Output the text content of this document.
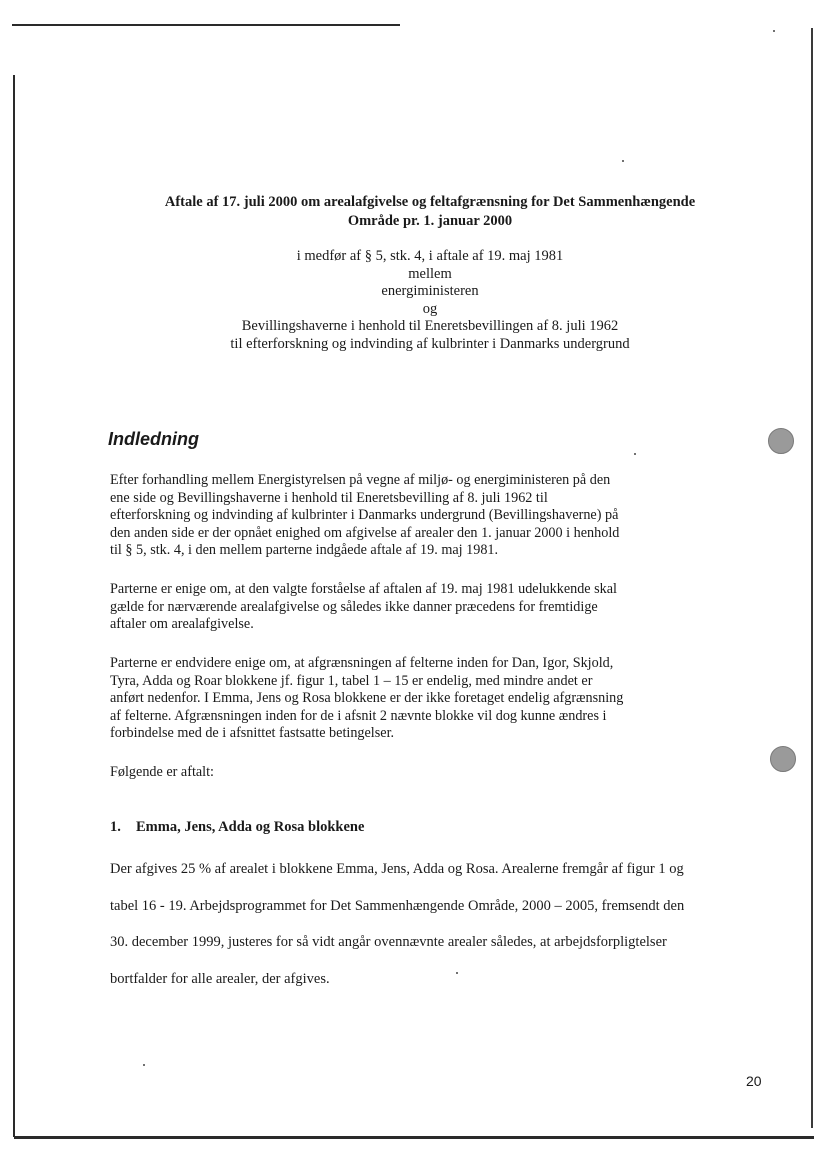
Aftale af 17. juli 2000 om arealafgivelse og feltafgrænsning for Det Sammenhængende
Område pr. 1. januar 2000
i medfør af § 5, stk. 4, i aftale af 19. maj 1981
mellem
energiministeren
og
Bevillingshaverne i henhold til Eneretsbevillingen af 8. juli 1962
til efterforskning og indvinding af kulbrinter i Danmarks undergrund
Indledning
Efter forhandling mellem Energistyrelsen på vegne af miljø- og energiministeren på den
ene side og Bevillingshaverne i henhold til Eneretsbevilling af 8. juli 1962 til
efterforskning og indvinding af kulbrinter i Danmarks undergrund (Bevillingshaverne) på
den anden side er der opnået enighed om afgivelse af arealer den 1. januar 2000 i henhold
til § 5, stk. 4, i den mellem parterne indgåede aftale af 19. maj 1981.
Parterne er enige om, at den valgte forståelse af aftalen af 19. maj 1981 udelukkende skal
gælde for nærværende arealafgivelse og således ikke danner præcedens for fremtidige
aftaler om arealafgivelse.
Parterne er endvidere enige om, at afgrænsningen af felterne inden for Dan, Igor, Skjold,
Tyra, Adda og Roar blokkene jf. figur 1, tabel 1 – 15 er endelig, med mindre andet er
anført nedenfor. I Emma, Jens og Rosa blokkene er der ikke foretaget endelig afgrænsning
af felterne. Afgrænsningen inden for de i afsnit 2 nævnte blokke vil dog kunne ændres i
forbindelse med de i afsnittet fastsatte betingelser.
Følgende er aftalt:
1. Emma, Jens, Adda og Rosa blokkene
Der afgives 25 % af arealet i blokkene Emma, Jens, Adda og Rosa. Arealerne fremgår af figur 1 og
tabel 16 - 19. Arbejdsprogrammet for Det Sammenhængende Område, 2000 – 2005, fremsendt den
30. december 1999, justeres for så vidt angår ovennævnte arealer således, at arbejdsforpligtelser
bortfalder for alle arealer, der afgives.
20
